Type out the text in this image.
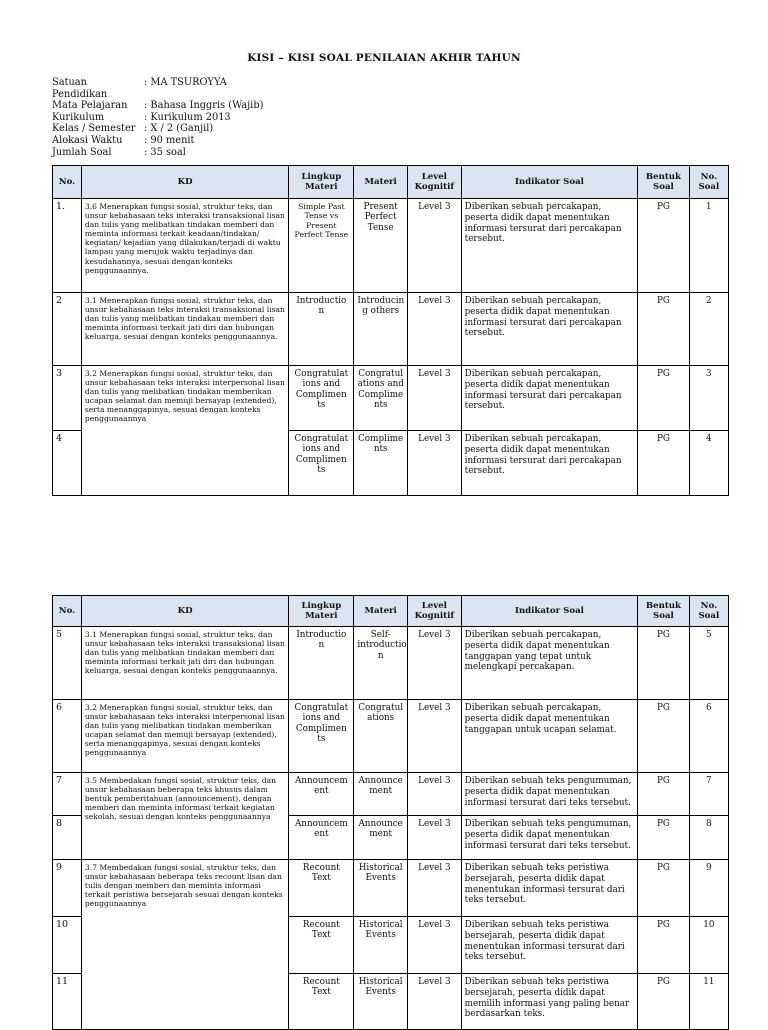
KISI – KISI SOAL PENILAIAN AKHIR TAHUN
Satuan Pendidikan
: MA TSUROYYA
Mata Pelajaran	: Bahasa Inggris (Wajib)
Kurikulum	: Kurikulum 2013
Kelas / Semester : X / 2 (Ganjil)
Alokasi Waktu	: 90 menit
Jumlah Soal	: 35 soal
No.	KD	Lingkup Materi	Materi	Level Kognitif	Indikator Soal	Bentuk Soal	No. Soal
1.	3.6 Menerapkan fungsi sosial, struktur teks, dan unsur kebahasaan teks interaksi transaksional lisan dan tulis yang melibatkan tindakan memberi dan meminta informasi terkait keadaan/tindakan/ kegiatan/ kejadian yang dilakukan/terjadi di waktu lampau yang merujuk waktu terjadinya dan kesudahannya, sesuai dengan konteks penggunaannya.	Simple Past Tense vs Present Perfect Tense	Present Perfect Tense	Level 3	Diberikan sebuah percakapan, peserta didik dapat menentukan informasi tersurat dari percakapan tersebut.	PG	1
2	3.1 Menerapkan fungsi sosial, struktur teks, dan unsur kebahasaan teks interaksi transaksional lisan dan tulis yang melibatkan tindakan memberi dan meminta informasi terkait jati diri dan hubungan keluarga, sesuai dengan konteks penggunaannya.	Introductio n	Introducin g others	Level 3	Diberikan sebuah percakapan, peserta didik dapat menentukan informasi tersurat dari percakapan tersebut.	PG	2
3	3.2 Menerapkan fungsi sosial, struktur teks, dan unsur kebahasaan teks interaksi interpersonal lisan dan tulis yang melibatkan tindakan memberikan ucapan selamat dan memuji bersayap (extended), serta menanggapinya, sesuai dengan konteks penggunaannya	Congratulat ions and Complimen ts	Congratul ations and Complime nts	Level 3	Diberikan sebuah percakapan, peserta didik dapat menentukan informasi tersurat dari percakapan tersebut.	PG	3
4		Congratulat ions and Complimen ts	Complime nts	Level 3	Diberikan sebuah percakapan, peserta didik dapat menentukan informasi tersurat dari percakapan tersebut.	PG	4
No.	KD	Lingkup Materi	Materi	Level Kognitif	Indikator Soal	Bentuk Soal	No. Soal
5	3.1 Menerapkan fungsi sosial, struktur teks, dan unsur kebahasaan teks interaksi transaksional lisan dan tulis yang melibatkan tindakan memberi dan meminta informasi terkait jati diri dan hubungan keluarga, sesuai dengan konteks penggunaannya.	Introductio n	Self-introductio n	Level 3	Diberikan sebuah percakapan, peserta didik dapat menentukan tanggapan yang tepat untuk melengkapi percakapan.	PG	5
6	3.2 Menerapkan fungsi sosial, struktur teks, dan unsur kebahasaan teks interaksi interpersonal lisan dan tulis yang melibatkan tindakan memberikan ucapan selamat dan memuji bersayap (extended), serta menanggapinya, sesuai dengan konteks penggunaannya	Congratulat ions and Complimen ts	Congratul ations	Level 3	Diberikan sebuah percakapan, peserta didik dapat menentukan tanggapan untuk ucapan selamat.	PG	6
7	3.5 Membedakan fungsi sosial, struktur teks, dan unsur kebahasaan beberapa teks khusus dalam bentuk pemberitahuan (announcement), dengan memberi dan meminta informasi terkait kegiatan sekolah, sesuai dengan konteks penggunaannya	Announcem ent	Announce ment	Level 3	Diberikan sebuah teks pengumuman, peserta didik dapat menentukan informasi tersurat dari teks tersebut.	PG	7
8		Announcem ent	Announce ment	Level 3	Diberikan sebuah teks pengumuman, peserta didik dapat menentukan informasi tersurat dari teks tersebut.	PG	8
9	3.7 Membedakan fungsi sosial, struktur teks, dan unsur kebahasaan beberapa teks recount lisan dan tulis dengan memberi dan meminta informasi terkait peristiwa bersejarah sesuai dengan konteks penggunaannya	Recount Text	Historical Events	Level 3	Diberikan sebuah teks peristiwa bersejarah, peserta didik dapat menentukan informasi tersurat dari teks tersebut.	PG	9
10		Recount Text	Historical Events	Level 3	Diberikan sebuah teks peristiwa bersejarah, peserta didik dapat menentukan informasi tersurat dari teks tersebut.	PG	10
11		Recount Text	Historical Events	Level 3	Diberikan sebuah teks peristiwa bersejarah, peserta didik dapat memilih informasi yang paling benar berdasarkan teks.	PG	11
